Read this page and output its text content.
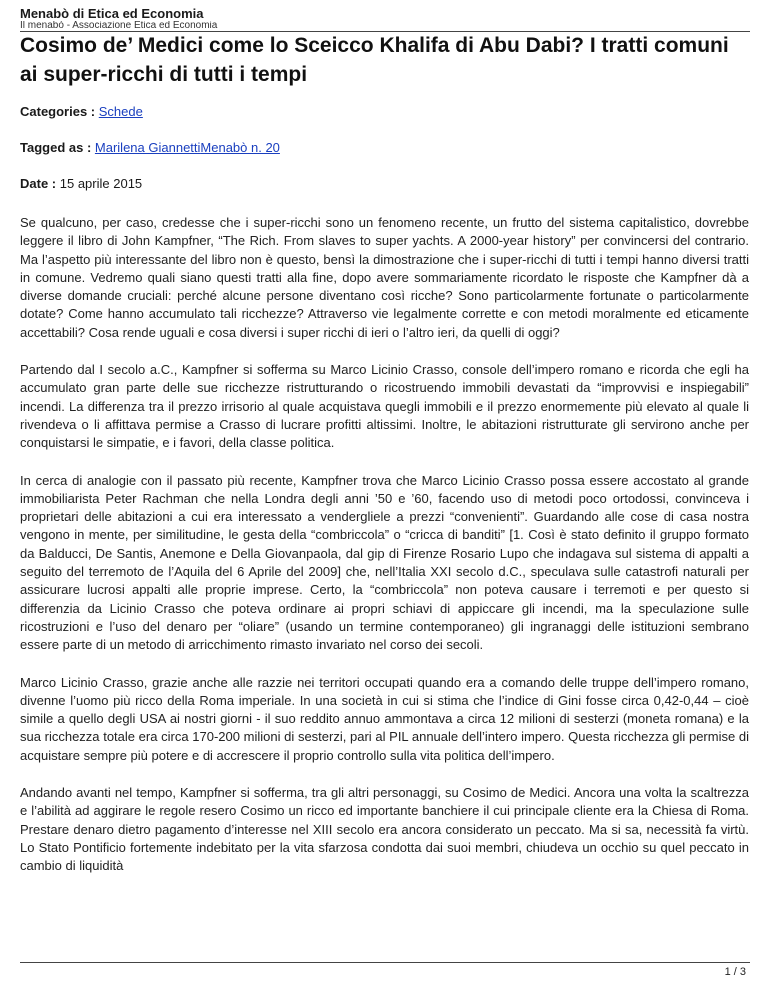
Menabò di Etica ed Economia
Il menabò - Associazione Etica ed Economia
Cosimo de’ Medici come lo Sceicco Khalifa di Abu Dabi? I tratti comuni ai super-ricchi di tutti i tempi
Categories : Schede
Tagged as : Marilena GiannettiMenabò n. 20
Date : 15 aprile 2015

Se qualcuno, per caso, credesse che i super-ricchi sono un fenomeno recente, un frutto del sistema capitalistico, dovrebbe leggere il libro di John Kampfner, “The Rich. From slaves to super yachts. A 2000-year history” per convincersi del contrario. Ma l’aspetto più interessante del libro non è questo, bensì la dimostrazione che i super-ricchi di tutti i tempi hanno diversi tratti in comune. Vedremo quali siano questi tratti alla fine, dopo avere sommariamente ricordato le risposte che Kampfner dà a diverse domande cruciali: perché alcune persone diventano così ricche? Sono particolarmente fortunate o particolarmente dotate? Come hanno accumulato tali ricchezze? Attraverso vie legalmente corrette e con metodi moralmente ed eticamente accettabili? Cosa rende uguali e cosa diversi i super ricchi di ieri o l’altro ieri, da quelli di oggi?

Partendo dal I secolo a.C., Kampfner si sofferma su Marco Licinio Crasso, console dell’impero romano e ricorda che egli ha accumulato gran parte delle sue ricchezze ristrutturando o ricostruendo immobili devastati da “improvvisi e inspiegabili” incendi. La differenza tra il prezzo irrisorio al quale acquistava quegli immobili e il prezzo enormemente più elevato al quale li rivendeva o li affittava permise a Crasso di lucrare profitti altissimi. Inoltre, le abitazioni ristrutturate gli servirono anche per conquistarsi le simpatie, e i favori, della classe politica.

In cerca di analogie con il passato più recente, Kampfner trova che Marco Licinio Crasso possa essere accostato al grande immobiliarista Peter Rachman che nella Londra degli anni ’50 e ’60, facendo uso di metodi poco ortodossi, convinceva i proprietari delle abitazioni a cui era interessato a vendergliele a prezzi “convenienti”. Guardando alle cose di casa nostra vengono in mente, per similitudine, le gesta della “combriccola” o “cricca di banditi” [1. Così è stato definito il gruppo formato da Balducci, De Santis, Anemone e Della Giovanpaola, dal gip di Firenze Rosario Lupo che indagava sul sistema di appalti a seguito del terremoto de l’Aquila del 6 Aprile del 2009] che, nell’Italia XXI secolo d.C., speculava sulle catastrofi naturali per assicurare lucrosi appalti alle proprie imprese. Certo, la “combriccola” non poteva causare i terremoti e per questo si differenzia da Licinio Crasso che poteva ordinare ai propri schiavi di appiccare gli incendi, ma la speculazione sulle ricostruzioni e l’uso del denaro per “oliare” (usando un termine contemporaneo) gli ingranaggi delle istituzioni sembrano essere parte di un metodo di arricchimento rimasto invariato nel corso dei secoli.

Marco Licinio Crasso, grazie anche alle razzie nei territori occupati quando era a comando delle truppe dell’impero romano, divenne l’uomo più ricco della Roma imperiale. In una società in cui si stima che l’indice di Gini fosse circa 0,42-0,44 – cioè simile a quello degli USA ai nostri giorni - il suo reddito annuo ammontava a circa 12 milioni di sesterzi (moneta romana) e la sua ricchezza totale era circa 170-200 milioni di sesterzi, pari al PIL annuale dell’intero impero. Questa ricchezza gli permise di acquistare sempre più potere e di accrescere il proprio controllo sulla vita politica dell’impero.

Andando avanti nel tempo, Kampfner si sofferma, tra gli altri personaggi, su Cosimo de Medici. Ancora una volta la scaltrezza e l’abilità ad aggirare le regole resero Cosimo un ricco ed importante banchiere il cui principale cliente era la Chiesa di Roma. Prestare denaro dietro pagamento d’interesse nel XIII secolo era ancora considerato un peccato. Ma si sa, necessità fa virtù. Lo Stato Pontificio fortemente indebitato per la vita sfarzosa condotta dai suoi membri, chiudeva un occhio su quel peccato in cambio di liquidità

1 / 3
